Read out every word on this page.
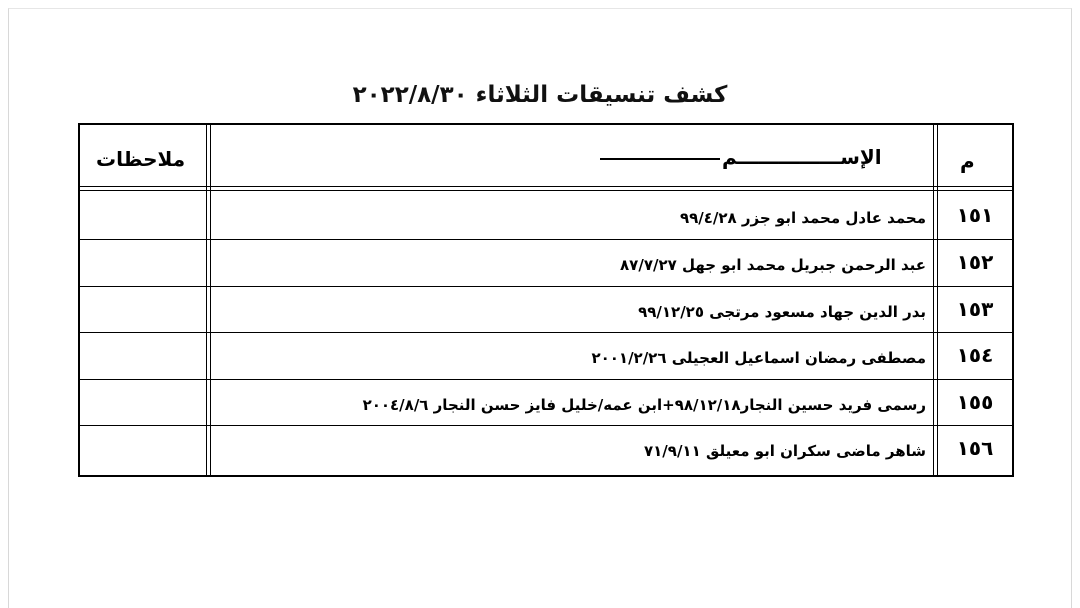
كشف تنسيقات الثلاثاء ٢٠٢٢/٨/٣٠
ملاحظات	الإســـــــــــــــم	م
١٥١
محمد عادل محمد ابو جزر ٩٩/٤/٢٨
١٥٢
عبد الرحمن جبريل محمد ابو جهل ٨٧/٧/٢٧
١٥٣
بدر الدين جهاد مسعود مرتجى ٩٩/١٢/٢٥
١٥٤
مصطفى رمضان اسماعيل العجيلى ٢٠٠١/٢/٢٦
١٥٥
رسمى فريد حسين النجار٩٨/١٢/١٨+ابن عمه/خليل فايز حسن النجار ٢٠٠٤/٨/٦
١٥٦
شاهر ماضى سكران ابو معيلق ٧١/٩/١١
